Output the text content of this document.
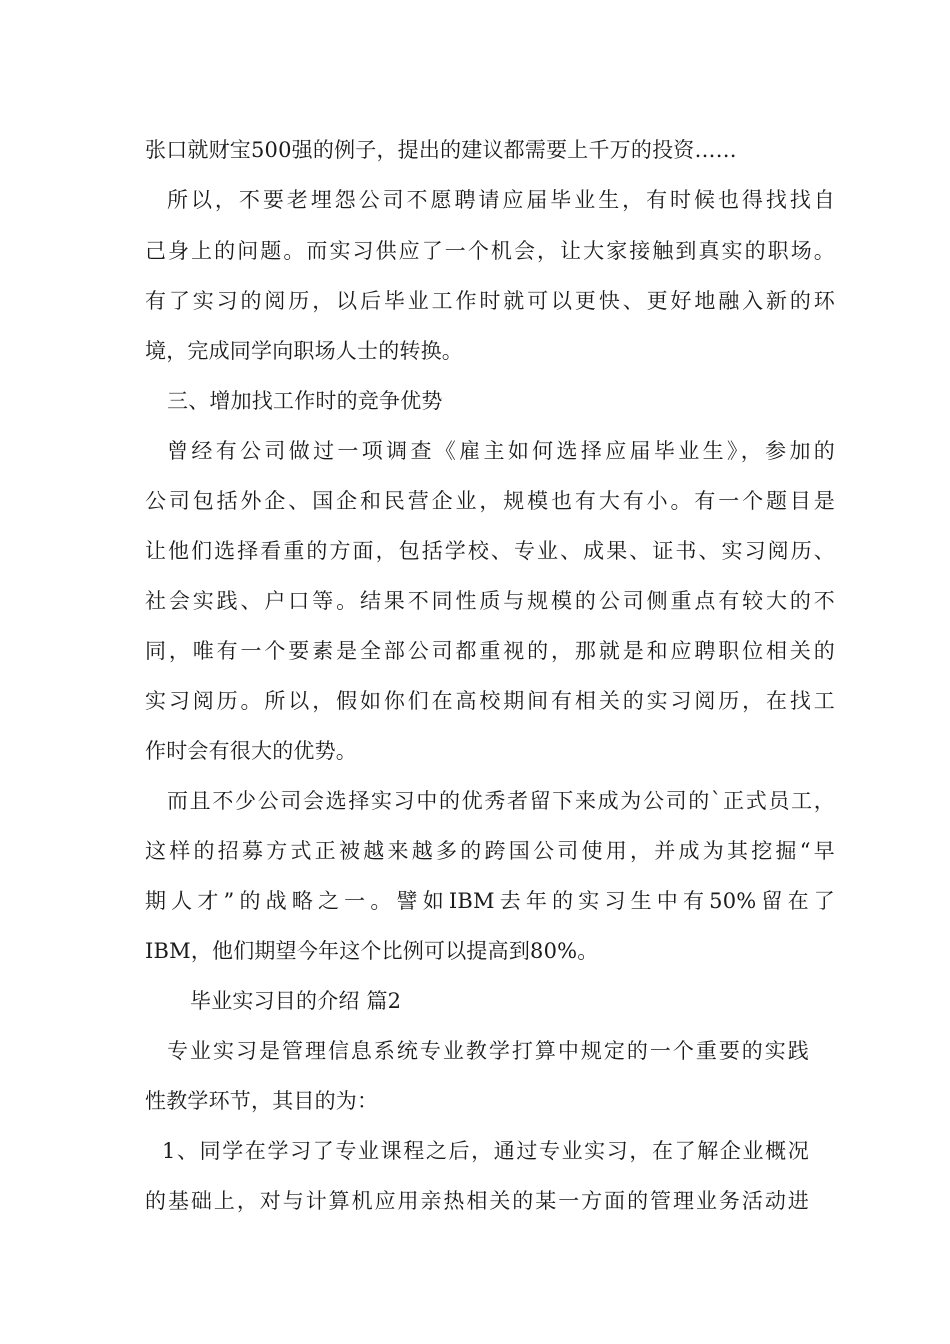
张口就财宝500强的例子，提出的建议都需要上千万的投资……
所以，不要老埋怨公司不愿聘请应届毕业生，有时候也得找找自
己身上的问题。而实习供应了一个机会，让大家接触到真实的职场。
有了实习的阅历，以后毕业工作时就可以更快、更好地融入新的环
境，完成同学向职场人士的转换。
三、增加找工作时的竞争优势
曾经有公司做过一项调查《雇主如何选择应届毕业生》，参加的
公司包括外企、国企和民营企业，规模也有大有小。有一个题目是
让他们选择看重的方面，包括学校、专业、成果、证书、实习阅历、
社会实践、户口等。结果不同性质与规模的公司侧重点有较大的不
同，唯有一个要素是全部公司都重视的，那就是和应聘职位相关的
实习阅历。所以，假如你们在高校期间有相关的实习阅历，在找工
作时会有很大的优势。
而且不少公司会选择实习中的优秀者留下来成为公司的`正式员工，
这样的招募方式正被越来越多的跨国公司使用，并成为其挖掘“早
期人才”的战略之一。譬如IBM去年的实习生中有50%留在了
IBM，他们期望今年这个比例可以提高到80%。
毕业实习目的介绍 篇2
专业实习是管理信息系统专业教学打算中规定的一个重要的实践
性教学环节，其目的为：
1、同学在学习了专业课程之后，通过专业实习，在了解企业概况
的基础上，对与计算机应用亲热相关的某一方面的管理业务活动进
